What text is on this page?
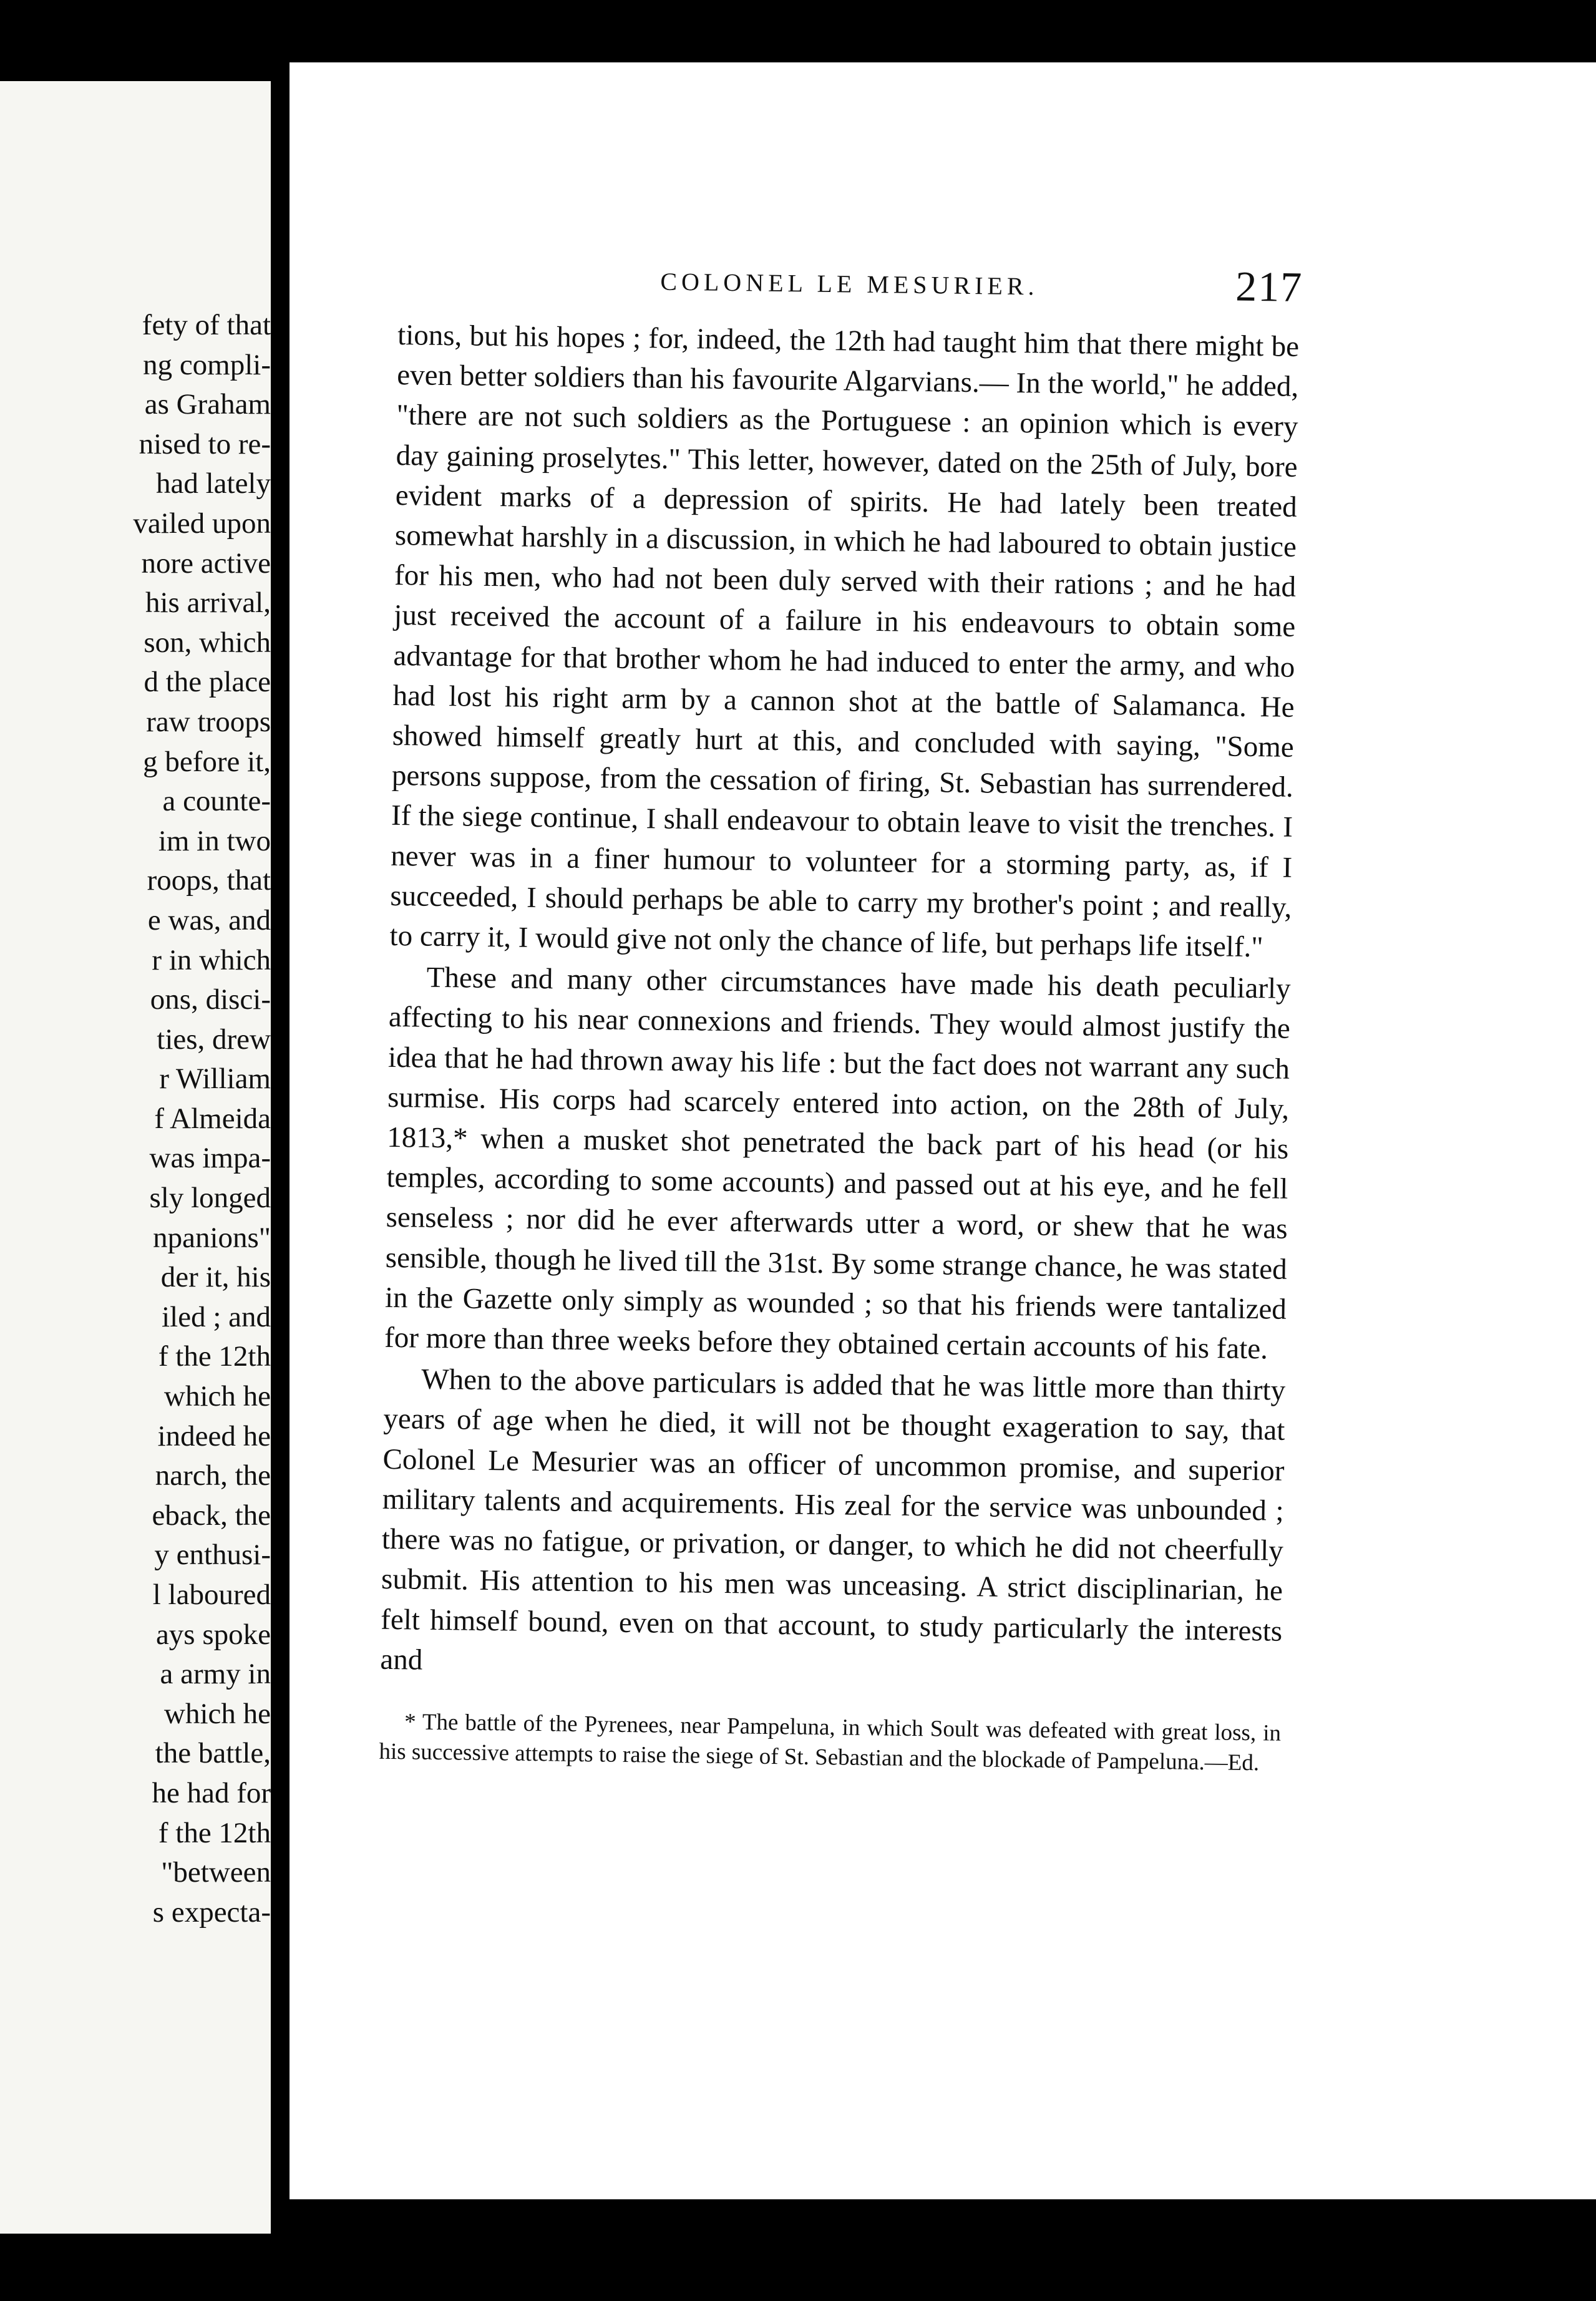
fety of that
ng compli-
as Graham
nised to re-
had lately
vailed upon
nore active
his arrival,
son, which
d the place
raw troops
g before it,
a counte-
im in two
roops, that
e was, and
r in which
ons, disci-
ties, drew
r William
f Almeida
was impa-
sly longed
npanions"
der it, his
iled ; and
f the 12th
which he
indeed he
narch, the
eback, the
y enthusi-
l laboured
ays spoke
a army in
which he
the battle,
he had for
f the 12th
"between
s expecta-
COLONEL LE MESURIER.	217

tions, but his hopes ; for, indeed, the 12th had taught him that there might be even better soldiers than his favourite Algarvians.— In the world," he added, "there are not such soldiers as the Portuguese : an opinion which is every day gaining proselytes." This letter, however, dated on the 25th of July, bore evident marks of a depression of spirits. He had lately been treated somewhat harshly in a discussion, in which he had laboured to obtain justice for his men, who had not been duly served with their rations ; and he had just received the account of a failure in his endeavours to obtain some advantage for that brother whom he had induced to enter the army, and who had lost his right arm by a cannon shot at the battle of Salamanca. He showed himself greatly hurt at this, and concluded with saying, "Some persons suppose, from the cessation of firing, St. Sebastian has surrendered. If the siege continue, I shall endeavour to obtain leave to visit the trenches. I never was in a finer humour to volunteer for a storming party, as, if I succeeded, I should perhaps be able to carry my brother's point ; and really, to carry it, I would give not only the chance of life, but perhaps life itself."

These and many other circumstances have made his death peculiarly affecting to his near connexions and friends. They would almost justify the idea that he had thrown away his life : but the fact does not warrant any such surmise. His corps had scarcely entered into action, on the 28th of July, 1813,* when a musket shot penetrated the back part of his head (or his temples, according to some accounts) and passed out at his eye, and he fell senseless ; nor did he ever afterwards utter a word, or shew that he was sensible, though he lived till the 31st. By some strange chance, he was stated in the Gazette only simply as wounded ; so that his friends were tantalized for more than three weeks before they obtained certain accounts of his fate.

When to the above particulars is added that he was little more than thirty years of age when he died, it will not be thought exageration to say, that Colonel Le Mesurier was an officer of uncommon promise, and superior military talents and acquirements. His zeal for the service was unbounded ; there was no fatigue, or privation, or danger, to which he did not cheerfully submit. His attention to his men was unceasing. A strict disciplinarian, he felt himself bound, even on that account, to study particularly the interests and

* The battle of the Pyrenees, near Pampeluna, in which Soult was defeated with great loss, in his successive attempts to raise the siege of St. Sebastian and the blockade of Pampeluna.—Ed.
